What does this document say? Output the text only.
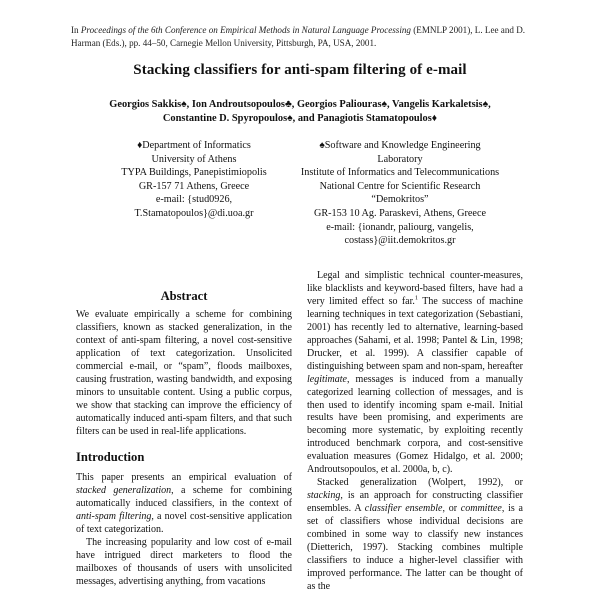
In Proceedings of the 6th Conference on Empirical Methods in Natural Language Processing (EMNLP 2001), L. Lee and D. Harman (Eds.), pp. 44–50, Carnegie Mellon University, Pittsburgh, PA, USA, 2001.
Stacking classifiers for anti-spam filtering of e-mail
Georgios Sakkis♠, Ion Androutsopoulos♣, Georgios Paliouras♠, Vangelis Karkaletsis♠,
Constantine D. Spyropoulos♠, and Panagiotis Stamatopoulos♦
♦Department of Informatics
University of Athens
TYPA Buildings, Panepistimiopolis
GR-157 71 Athens, Greece
e-mail: {stud0926,
T.Stamatopoulos}@di.uoa.gr
♠Software and Knowledge Engineering
Laboratory
Institute of Informatics and Telecommunications
National Centre for Scientific Research
“Demokritos”
GR-153 10 Ag. Paraskevi, Athens, Greece
e-mail: {ionandr, paliourg, vangelis,
costass}@iit.demokritos.gr
Abstract

We evaluate empirically a scheme for combining classifiers, known as stacked generalization, in the context of anti-spam filtering, a novel cost-sensitive application of text categorization. Unsolicited commercial e-mail, or “spam”, floods mailboxes, causing frustration, wasting bandwidth, and exposing minors to unsuitable content. Using a public corpus, we show that stacking can improve the efficiency of automatically induced anti-spam filters, and that such filters can be used in real-life applications.

Introduction

This paper presents an empirical evaluation of stacked generalization, a scheme for combining automatically induced classifiers, in the context of anti-spam filtering, a novel cost-sensitive application of text categorization.

The increasing popularity and low cost of e-mail have intrigued direct marketers to flood the mailboxes of thousands of users with unsolicited messages, advertising anything, from vacations

Legal and simplistic technical counter-measures, like blacklists and keyword-based filters, have had a very limited effect so far.$^1$ The success of machine learning techniques in text categorization (Sebastiani, 2001) has recently led to alternative, learning-based approaches (Sahami, et al. 1998; Pantel & Lin, 1998; Drucker, et al. 1999). A classifier capable of distinguishing between spam and non-spam, hereafter legitimate, messages is induced from a manually categorized learning collection of messages, and is then used to identify incoming spam e-mail. Initial results have been promising, and experiments are becoming more systematic, by exploiting recently introduced benchmark corpora, and cost-sensitive evaluation measures (Gomez Hidalgo, et al. 2000; Androutsopoulos, et al. 2000a, b, c).

Stacked generalization (Wolpert, 1992), or stacking, is an approach for constructing classifier ensembles. A classifier ensemble, or committee, is a set of classifiers whose individual decisions are combined in some way to classify new instances (Dietterich, 1997). Stacking combines multiple classifiers to induce a higher-level classifier with improved performance. The latter can be thought of as the
